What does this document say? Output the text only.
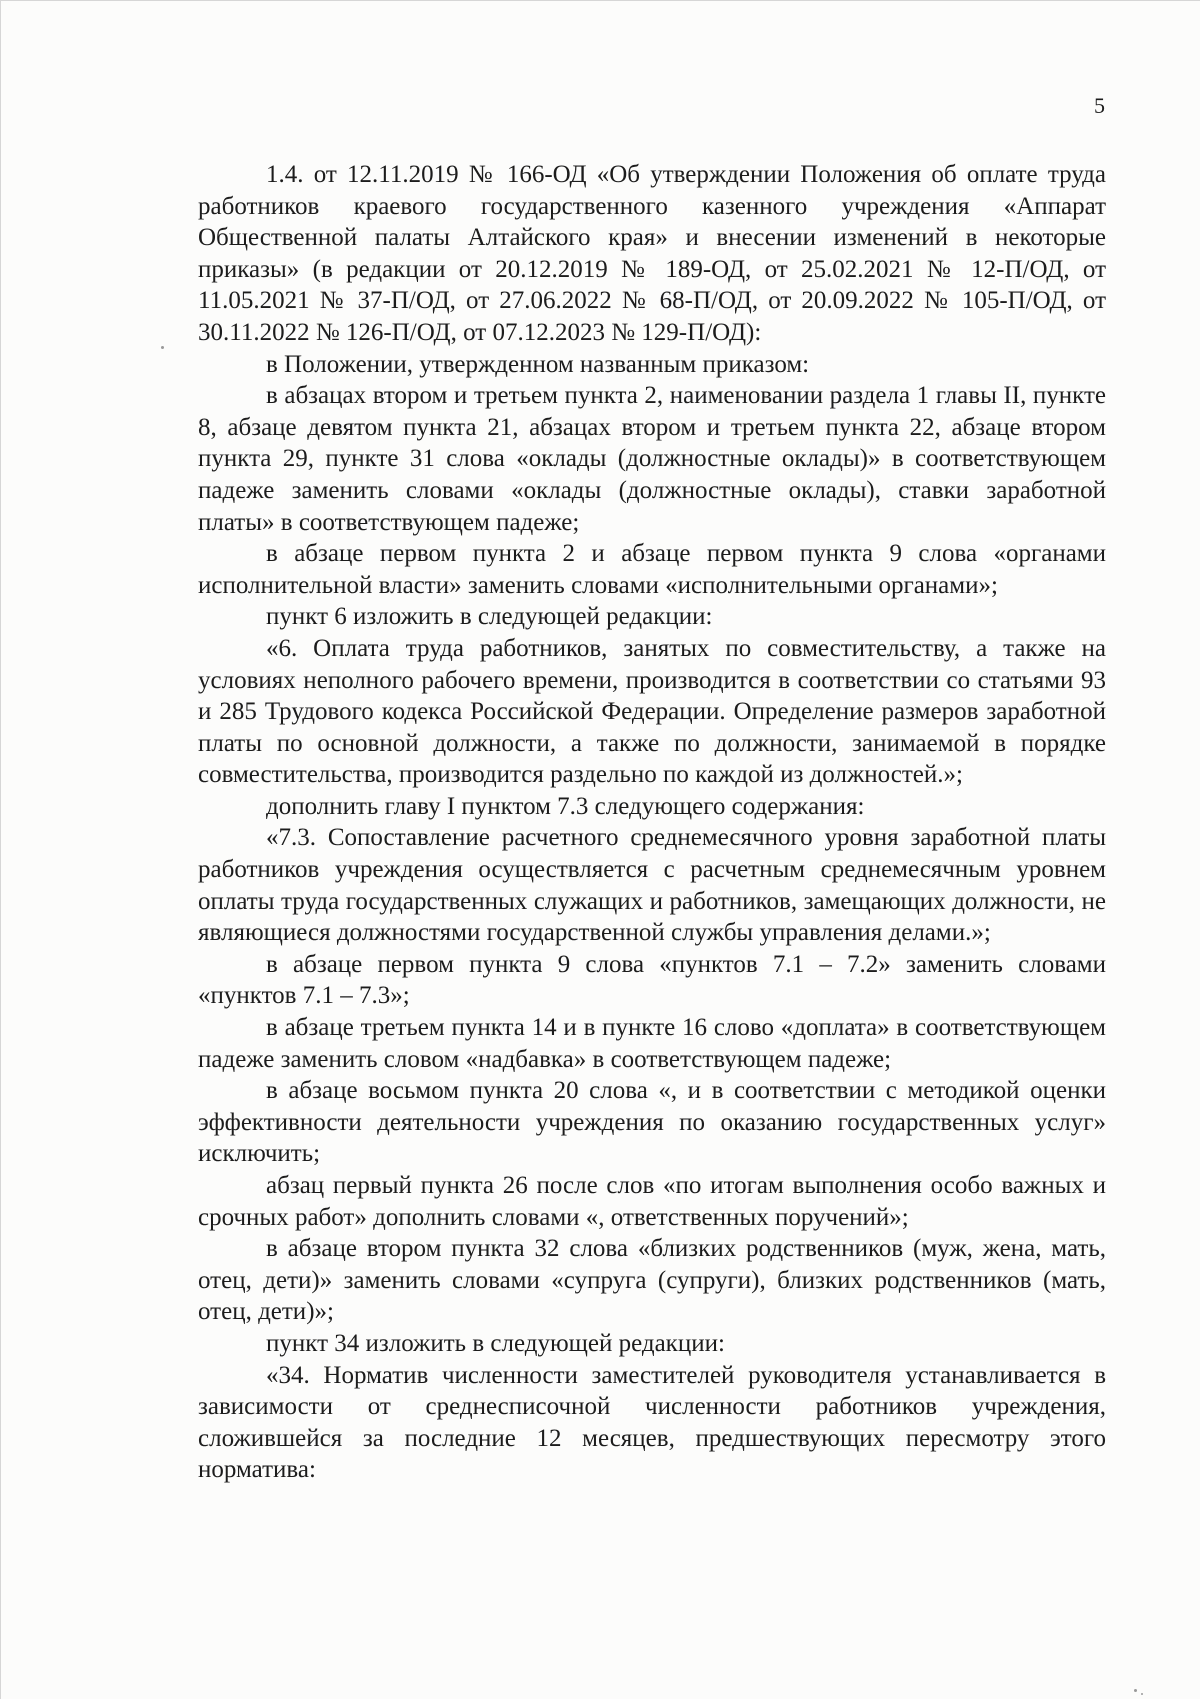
5

1.4. от 12.11.2019 № 166-ОД «Об утверждении Положения об оплате труда работников краевого государственного казенного учреждения «Аппарат Общественной палаты Алтайского края» и внесении изменений в некоторые приказы» (в редакции от 20.12.2019 № 189-ОД, от 25.02.2021 № 12-П/ОД, от 11.05.2021 № 37-П/ОД, от 27.06.2022 № 68-П/ОД, от 20.09.2022 № 105-П/ОД, от 30.11.2022 № 126-П/ОД, от 07.12.2023 № 129-П/ОД):

в Положении, утвержденном названным приказом:

в абзацах втором и третьем пункта 2, наименовании раздела 1 главы II, пункте 8, абзаце девятом пункта 21, абзацах втором и третьем пункта 22, абзаце втором пункта 29, пункте 31 слова «оклады (должностные оклады)» в соответствующем падеже заменить словами «оклады (должностные оклады), ставки заработной платы» в соответствующем падеже;

в абзаце первом пункта 2 и абзаце первом пункта 9 слова «органами исполнительной власти» заменить словами «исполнительными органами»;

пункт 6 изложить в следующей редакции:

«6. Оплата труда работников, занятых по совместительству, а также на условиях неполного рабочего времени, производится в соответствии со статьями 93 и 285 Трудового кодекса Российской Федерации. Определение размеров заработной платы по основной должности, а также по должности, занимаемой в порядке совместительства, производится раздельно по каждой из должностей.»;

дополнить главу I пунктом 7.3 следующего содержания:

«7.3. Сопоставление расчетного среднемесячного уровня заработной платы работников учреждения осуществляется с расчетным среднемесячным уровнем оплаты труда государственных служащих и работников, замещающих должности, не являющиеся должностями государственной службы управления делами.»;

в абзаце первом пункта 9 слова «пунктов 7.1 – 7.2» заменить словами «пунктов 7.1 – 7.3»;

в абзаце третьем пункта 14 и в пункте 16 слово «доплата» в соответствующем падеже заменить словом «надбавка» в соответствующем падеже;

в абзаце восьмом пункта 20 слова «, и в соответствии с методикой оценки эффективности деятельности учреждения по оказанию государственных услуг» исключить;

абзац первый пункта 26 после слов «по итогам выполнения особо важных и срочных работ» дополнить словами «, ответственных поручений»;

в абзаце втором пункта 32 слова «близких родственников (муж, жена, мать, отец, дети)» заменить словами «супруга (супруги), близких родственников (мать, отец, дети)»;

пункт 34 изложить в следующей редакции:

«34. Норматив численности заместителей руководителя устанавливается в зависимости от среднесписочной численности работников учреждения, сложившейся за последние 12 месяцев, предшествующих пересмотру этого норматива:
